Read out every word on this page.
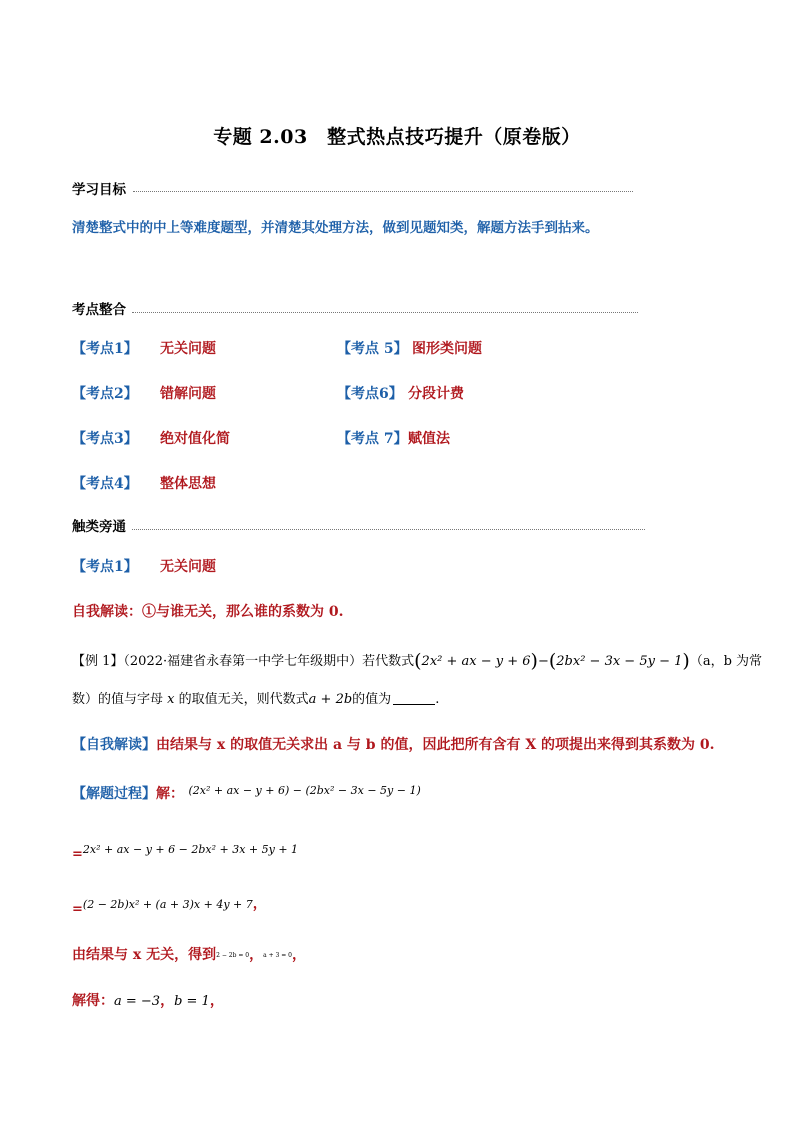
专题 2.03　整式热点技巧提升（原卷版）
学习目标
清楚整式中的中上等难度题型，并清楚其处理方法，做到见题知类，解题方法手到拈来。
考点整合
【考点1】 无关问题
【考点2】 错解问题
【考点3】 绝对值化简
【考点4】 整体思想
【考点 5】 图形类问题
【考点6】 分段计费
【考点 7】 赋值法
触类旁通
【考点1】 无关问题
自我解读：①与谁无关，那么谁的系数为 0.
【例 1】（2022·福建省永春第一中学七年级期中）若代数式(2x² + ax − y + 6)−(2bx² − 3x − 5y − 1)（a，b 为常
数）的值与字母 x 的取值无关，则代数式a + 2b的值为	.
【自我解读】由结果与 x 的取值无关求出 a 与 b 的值，因此把所有含有 X 的项提出来得到其系数为 0.
【解题过程】解： $^{(2x^2 + ax - y + 6) - (2bx^2 - 3x - 5y - 1)}$
$_=$2x² + ax − y + 6 − 2bx² + 3x + 5y + 1
$_=$(2 − 2b)x² + (a + 3)x + 4y + 7，
由结果与 x 无关，得到2 − 2b = 0，a + 3 = 0，
解得：a = −3，b = 1，
